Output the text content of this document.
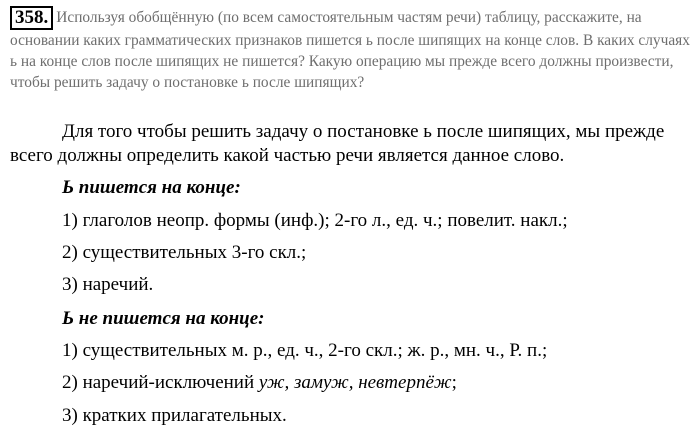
358. Используя обобщённую (по всем самостоятельным частям речи) таблицу, расскажите, на основании каких грамматических признаков пишется ь после шипящих на конце слов. В каких случаях ь на конце слов после шипящих не пишется? Какую операцию мы прежде всего должны произвести, чтобы решить задачу о постановке ь после шипящих?

Для того чтобы решить задачу о постановке ь после шипящих, мы прежде всего должны определить какой частью речи является данное слово.

Ь пишется на конце:
1) глаголов неопр. формы (инф.); 2-го л., ед. ч.; повелит. накл.;
2) существительных 3-го скл.;
3) наречий.
Ь не пишется на конце:
1) существительных м. р., ед. ч., 2-го скл.; ж. р., мн. ч., Р. п.;
2) наречий-исключений уж, замуж, невтерпёж;
3) кратких прилагательных.
